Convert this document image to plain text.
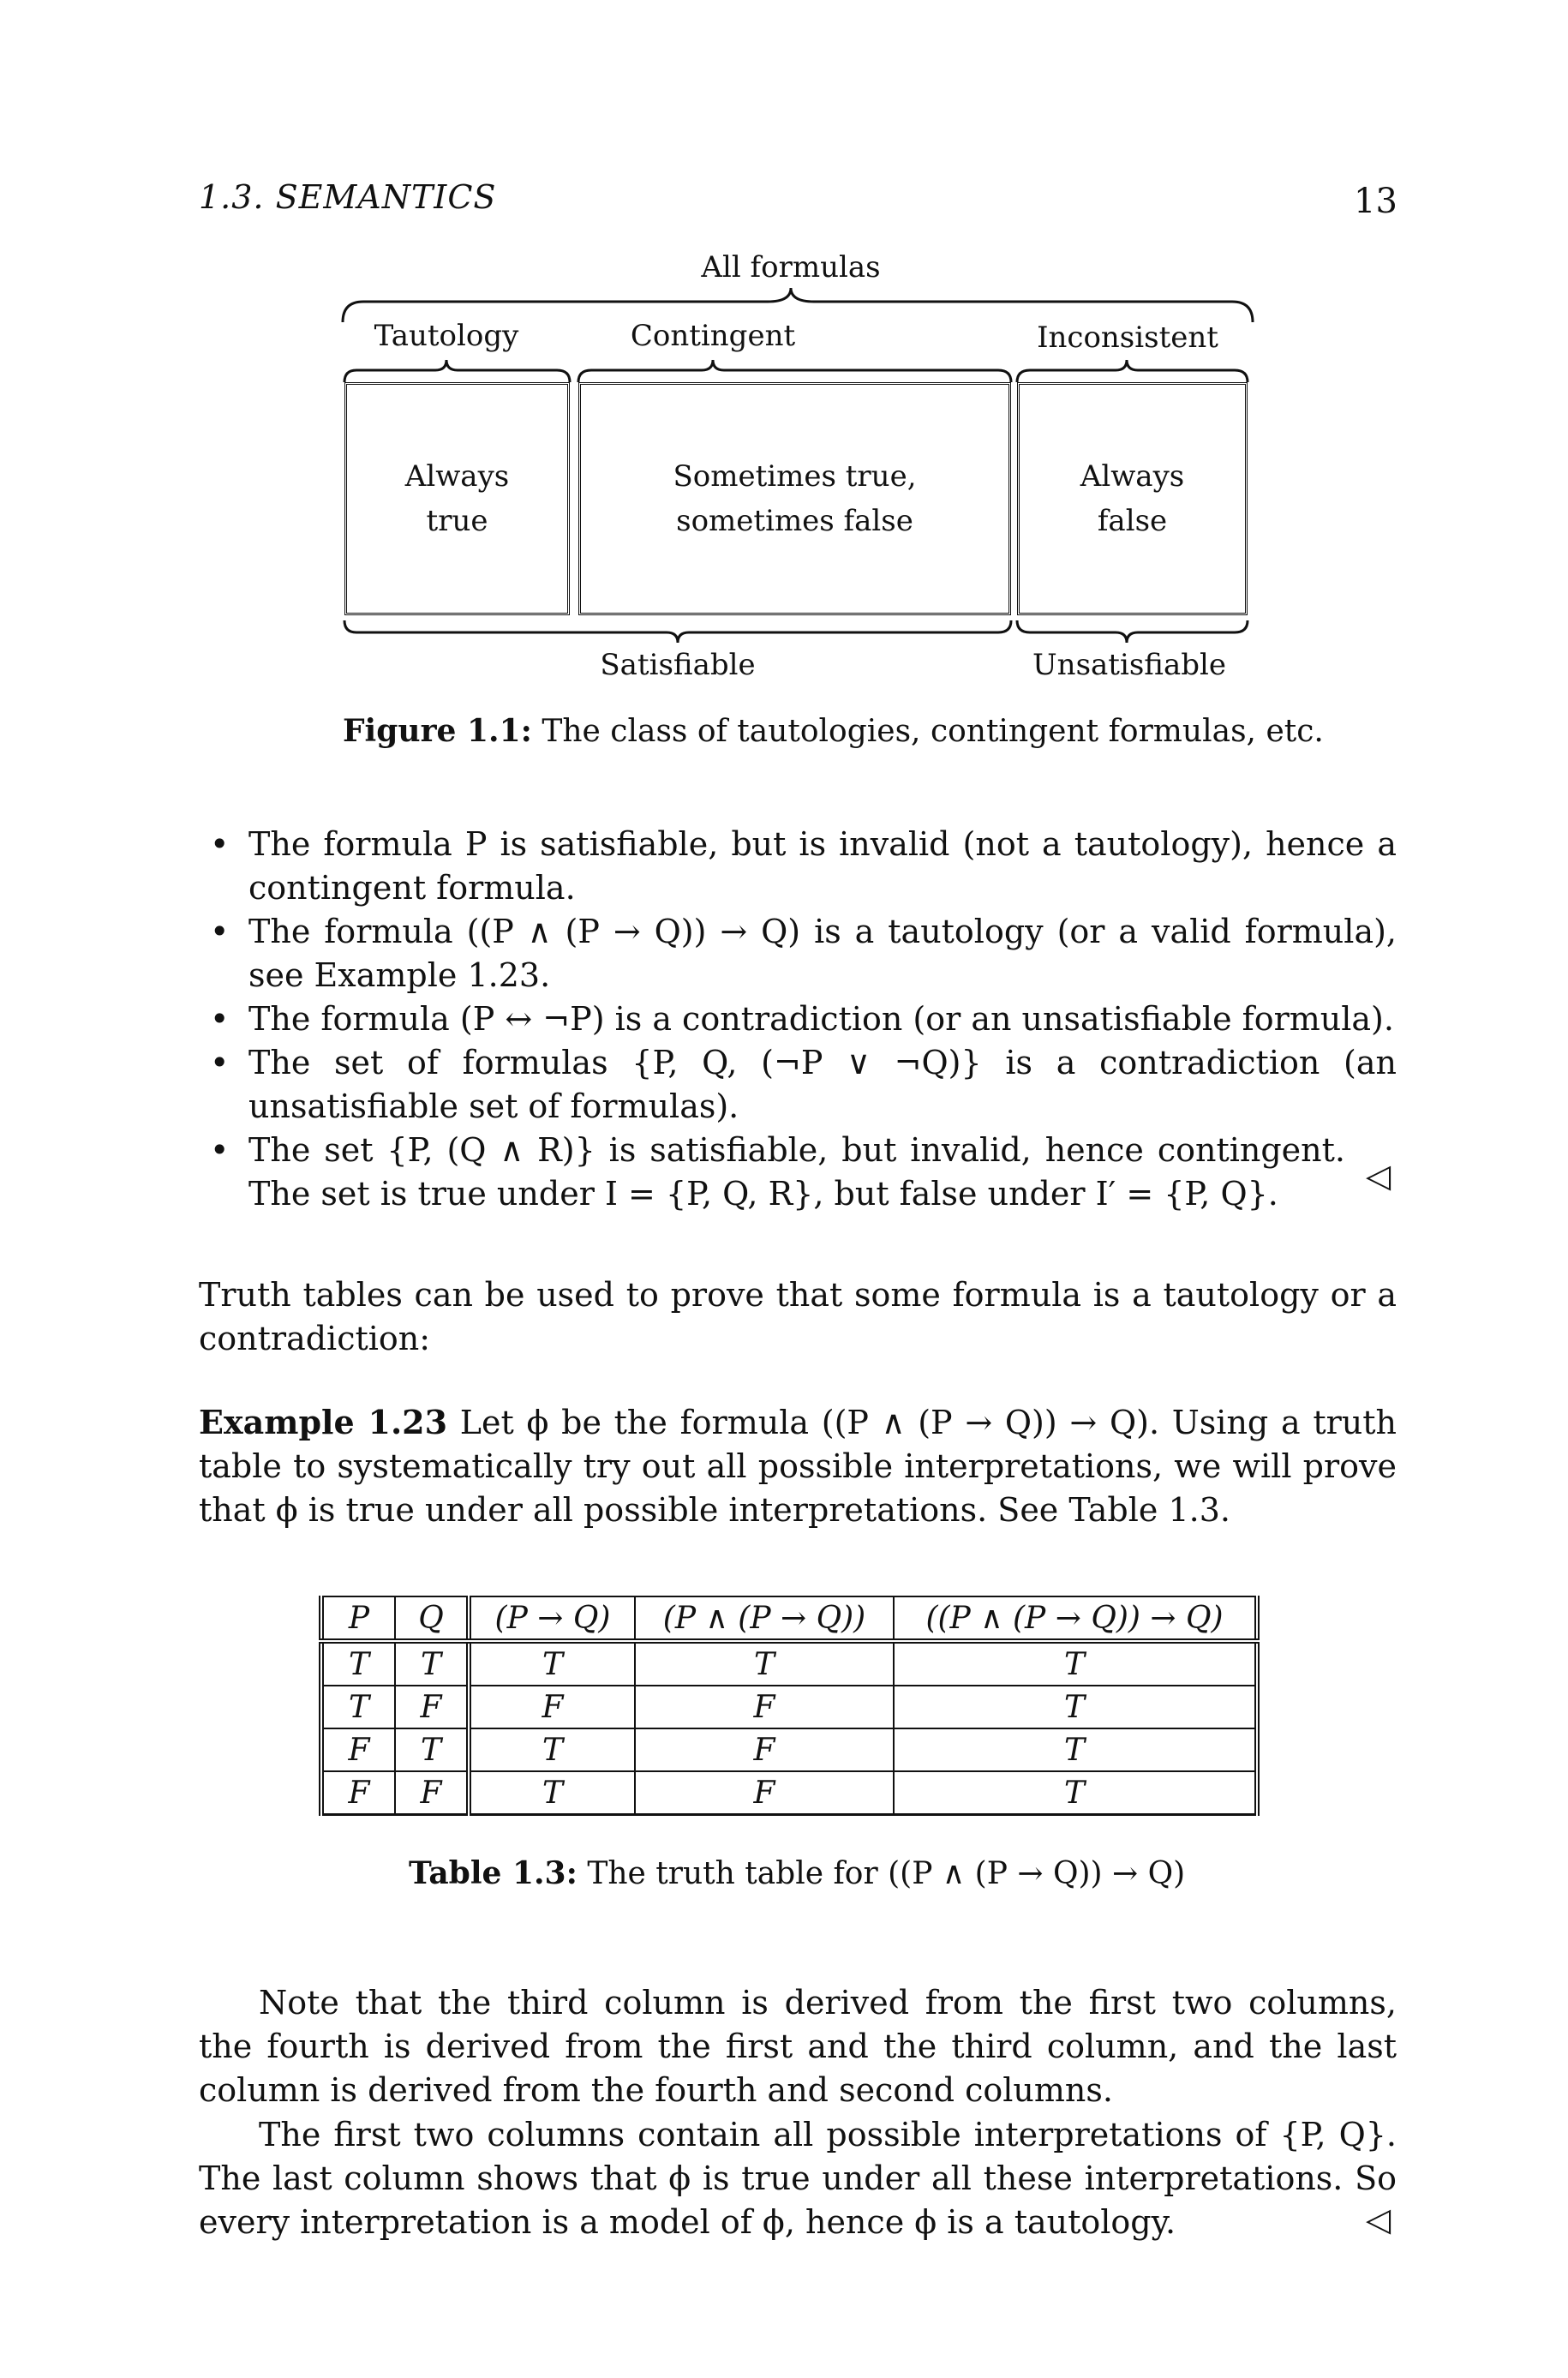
1.3. SEMANTICS	13
All formulas
Tautology	Contingent	Inconsistent
Always
true
Sometimes true,
sometimes false
Always
false
Satisfiable	Unsatisfiable
Figure 1.1: The class of tautologies, contingent formulas, etc.
• The formula P is satisfiable, but is invalid (not a tautology), hence a contingent formula.
• The formula ((P ∧ (P → Q)) → Q) is a tautology (or a valid formula), see Example 1.23.
• The formula (P ↔ ¬P) is a contradiction (or an unsatisfiable formula).
• The set of formulas {P, Q, (¬P ∨ ¬Q)} is a contradiction (an unsatisfiable set of formulas).
• The set {P, (Q ∧ R)} is satisfiable, but invalid, hence contingent. The set is true under I = {P, Q, R}, but false under I′ = {P, Q}.	◁
Truth tables can be used to prove that some formula is a tautology or a contradiction:
Example 1.23 Let ϕ be the formula ((P ∧ (P → Q)) → Q). Using a truth table to systematically try out all possible interpretations, we will prove that ϕ is true under all possible interpretations. See Table 1.3.
P	Q	(P → Q)	(P ∧ (P → Q))	((P ∧ (P → Q)) → Q)
T	T	T	T	T
T	F	F	F	T
F	T	T	F	T
F	F	T	F	T
Table 1.3: The truth table for ((P ∧ (P → Q)) → Q)
Note that the third column is derived from the first two columns, the fourth is derived from the first and the third column, and the last column is derived from the fourth and second columns.
The first two columns contain all possible interpretations of {P, Q}. The last column shows that ϕ is true under all these interpretations. So every interpretation is a model of ϕ, hence ϕ is a tautology.	◁
